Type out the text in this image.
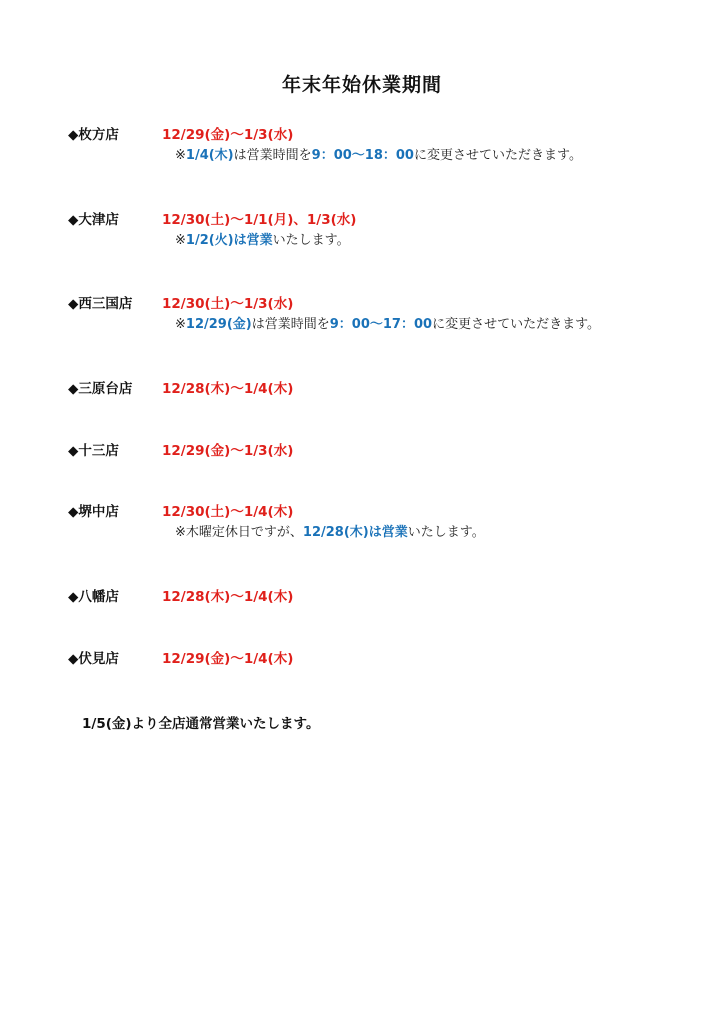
年末年始休業期間
◆枚方店	12/29(金)～1/3(水)
※1/4(木)は営業時間を9：00～18：00に変更させていただきます。
◆大津店	12/30(土)～1/1(月)、1/3(水)
※1/2(火)は営業いたします。
◆西三国店	12/30(土)～1/3(水)
※12/29(金)は営業時間を9：00～17：00に変更させていただきます。
◆三原台店	12/28(木)～1/4(木)
◆十三店	12/29(金)～1/3(水)
◆堺中店	12/30(土)～1/4(木)
※木曜定休日ですが、12/28(木)は営業いたします。
◆八幡店	12/28(木)～1/4(木)
◆伏見店	12/29(金)～1/4(木)
1/5(金)より全店通常営業いたします。
